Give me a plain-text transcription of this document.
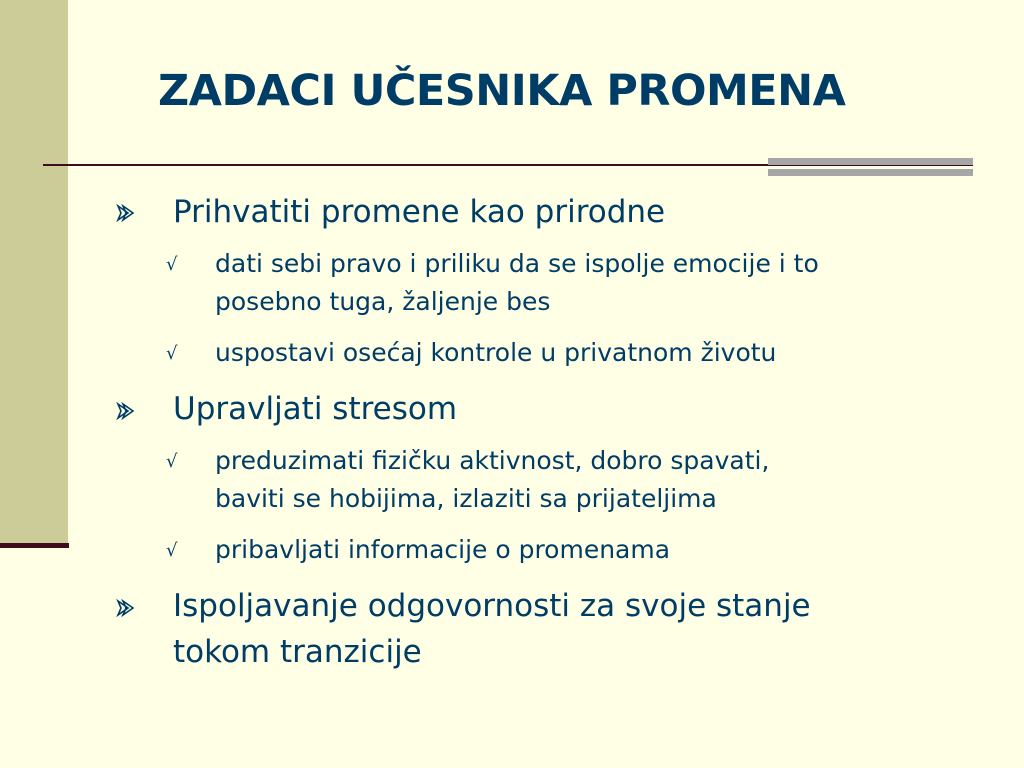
ZADACI UČESNIKA PROMENA
Prihvatiti promene kao prirodne
√ dati sebi pravo i priliku da se ispolje emocije i to
posebno tuga, žaljenje bes
√ uspostavi osećaj kontrole u privatnom životu
Upravljati stresom
√ preduzimati fizičku aktivnost, dobro spavati,
baviti se hobijima, izlaziti sa prijateljima
√ pribavljati informacije o promenama
Ispoljavanje odgovornosti za svoje stanje
tokom tranzicije
